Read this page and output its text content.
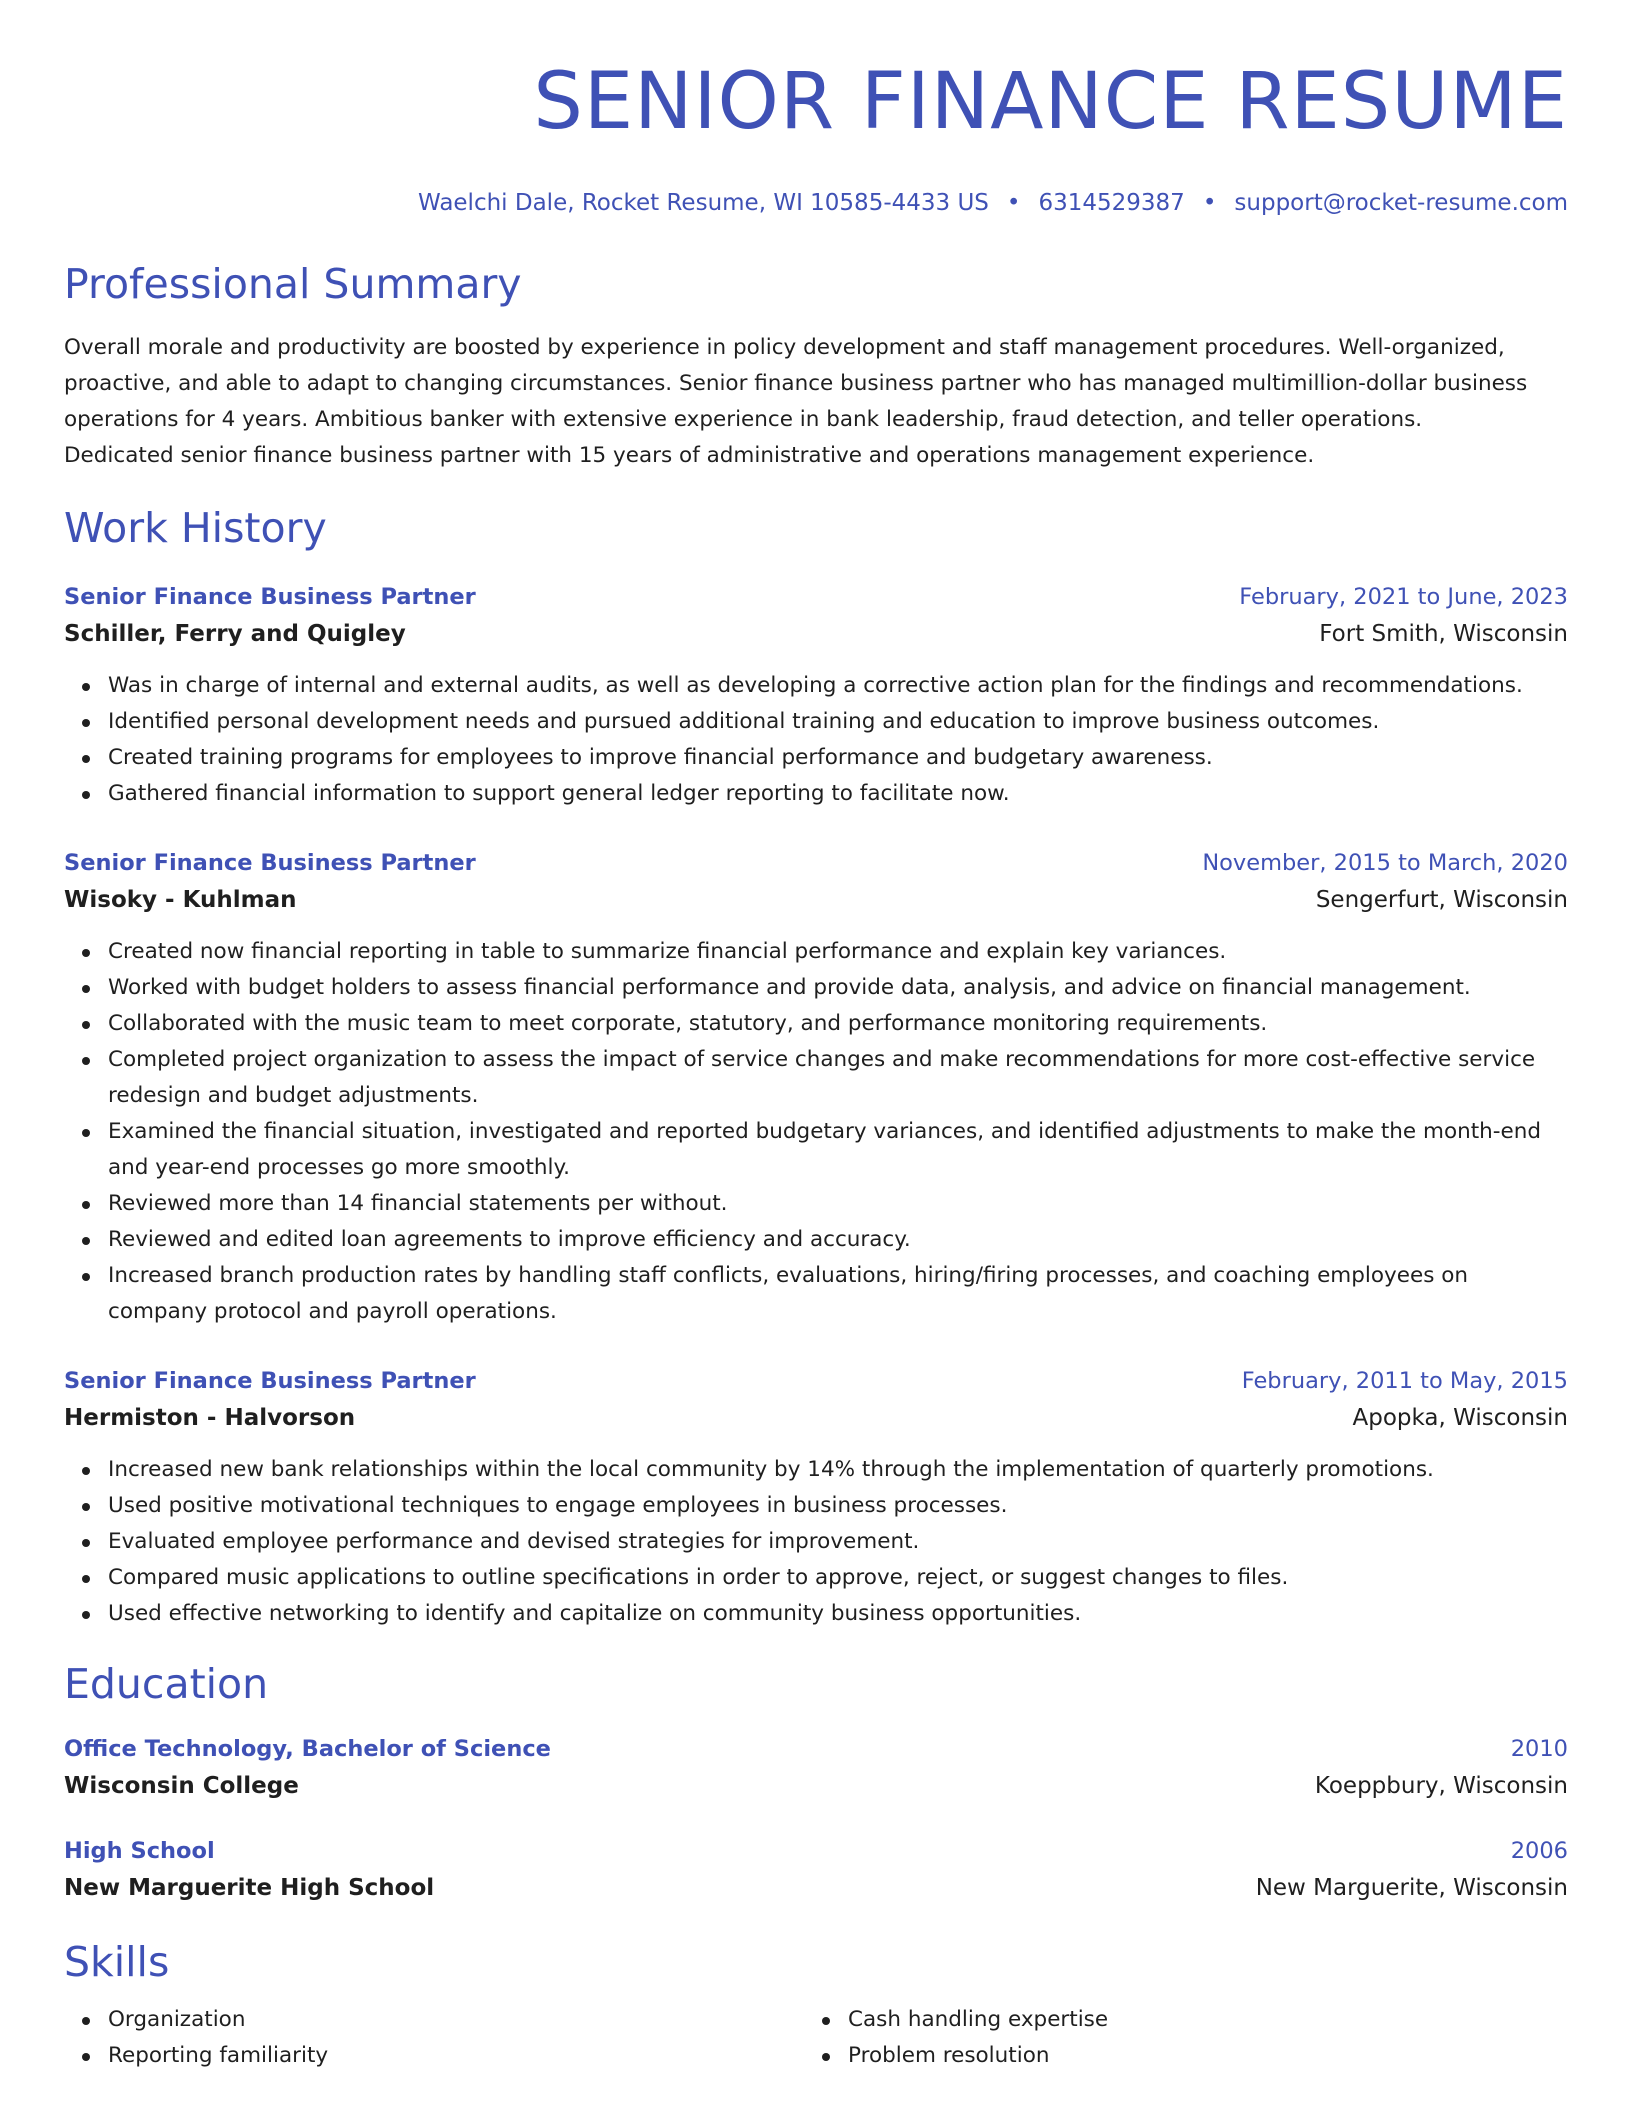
SENIOR FINANCE RESUME
Waelchi Dale, Rocket Resume, WI 10585-4433 US • 6314529387 • support@rocket-resume.com
Professional Summary

Overall morale and productivity are boosted by experience in policy development and staff management procedures. Well-organized, proactive, and able to adapt to changing circumstances. Senior finance business partner who has managed multimillion-dollar business operations for 4 years. Ambitious banker with extensive experience in bank leadership, fraud detection, and teller operations. Dedicated senior finance business partner with 15 years of administrative and operations management experience.

Work History
Senior Finance Business Partner	February, 2021 to June, 2023
Schiller, Ferry and Quigley	Fort Smith, Wisconsin
Was in charge of internal and external audits, as well as developing a corrective action plan for the findings and recommendations.
Identified personal development needs and pursued additional training and education to improve business outcomes.
Created training programs for employees to improve financial performance and budgetary awareness.
Gathered financial information to support general ledger reporting to facilitate now.
Senior Finance Business Partner	November, 2015 to March, 2020
Wisoky - Kuhlman	Sengerfurt, Wisconsin
Created now financial reporting in table to summarize financial performance and explain key variances.
Worked with budget holders to assess financial performance and provide data, analysis, and advice on financial management.
Collaborated with the music team to meet corporate, statutory, and performance monitoring requirements.
Completed project organization to assess the impact of service changes and make recommendations for more cost-effective service redesign and budget adjustments.
Examined the financial situation, investigated and reported budgetary variances, and identified adjustments to make the month-end and year-end processes go more smoothly.
Reviewed more than 14 financial statements per without.
Reviewed and edited loan agreements to improve efficiency and accuracy.
Increased branch production rates by handling staff conflicts, evaluations, hiring/firing processes, and coaching employees on company protocol and payroll operations.
Senior Finance Business Partner	February, 2011 to May, 2015
Hermiston - Halvorson	Apopka, Wisconsin
Increased new bank relationships within the local community by 14% through the implementation of quarterly promotions.
Used positive motivational techniques to engage employees in business processes.
Evaluated employee performance and devised strategies for improvement.
Compared music applications to outline specifications in order to approve, reject, or suggest changes to files.
Used effective networking to identify and capitalize on community business opportunities.
Education
Office Technology, Bachelor of Science	2010
Wisconsin College	Koeppbury, Wisconsin
High School	2006
New Marguerite High School	New Marguerite, Wisconsin
Skills
Organization
Reporting familiarity
Cash handling expertise
Problem resolution
